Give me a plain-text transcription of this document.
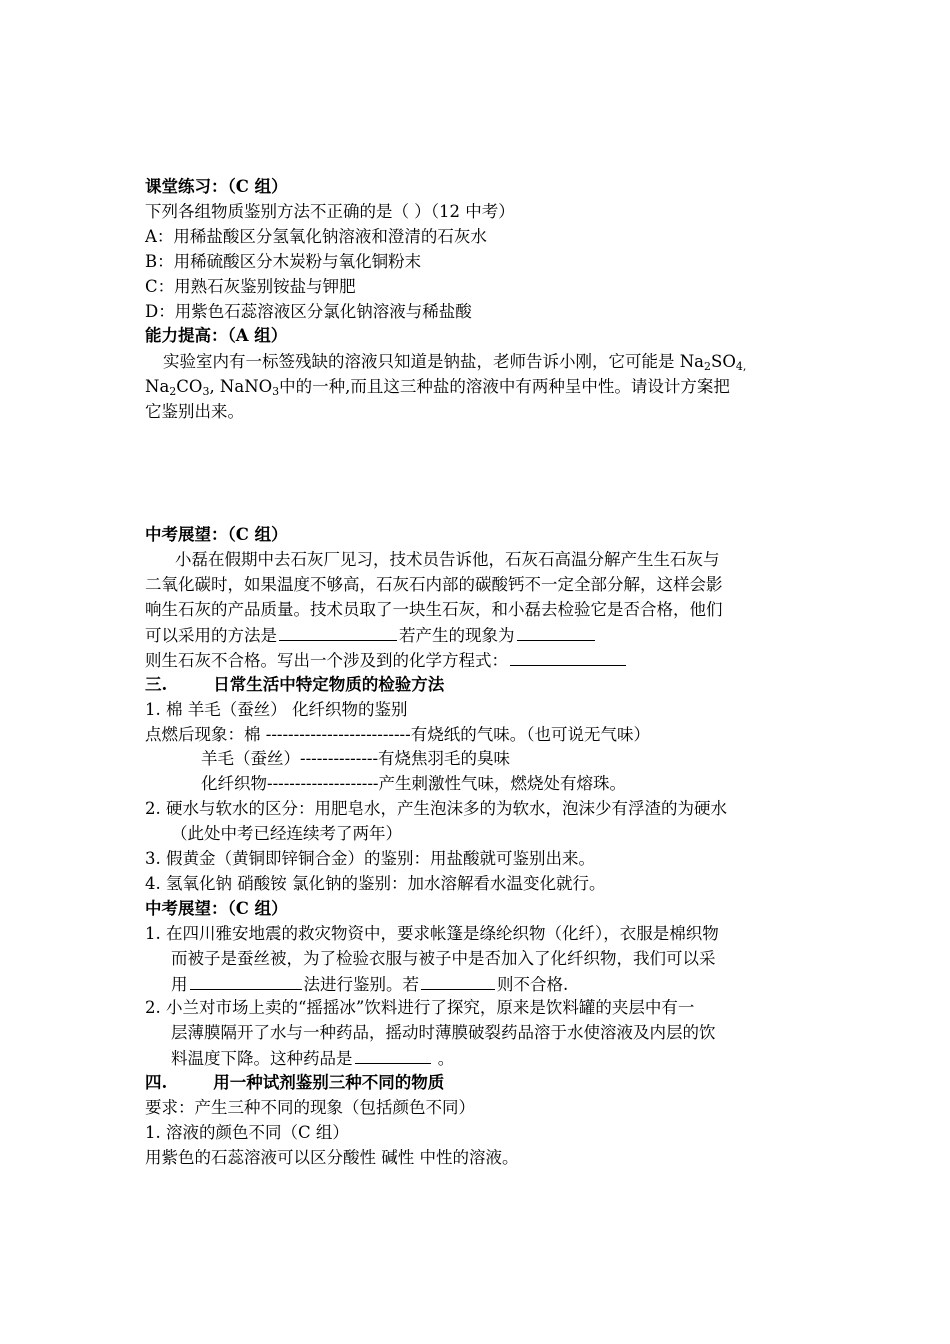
课堂练习：（C 组）
下列各组物质鉴别方法不正确的是（ ）（12 中考）
A：用稀盐酸区分氢氧化钠溶液和澄清的石灰水
B：用稀硫酸区分木炭粉与氧化铜粉末
C：用熟石灰鉴别铵盐与钾肥
D：用紫色石蕊溶液区分氯化钠溶液与稀盐酸
能力提高：（A 组）
实验室内有一标签残缺的溶液只知道是钠盐，老师告诉小刚，它可能是 $Na_2SO_{4,}$
$Na_2CO_3$, NaNO$_3$中的一种,而且这三种盐的溶液中有两种呈中性。请设计方案把
它鉴别出来。
中考展望：（C 组）
小磊在假期中去石灰厂见习，技术员告诉他，石灰石高温分解产生生石灰与
二氧化碳时，如果温度不够高，石灰石内部的碳酸钙不一定全部分解，这样会影
响生石灰的产品质量。技术员取了一块生石灰，和小磊去检验它是否合格，他们
可以采用的方法是	若产生的现象为
则生石灰不合格。写出一个涉及到的化学方程式：
三.	日常生活中特定物质的检验方法
1. 棉 羊毛（蚕丝） 化纤织物的鉴别
点燃后现象：棉 --------------------------有烧纸的气味。（也可说无气味）
羊毛（蚕丝）--------------有烧焦羽毛的臭味
化纤织物--------------------产生刺激性气味，燃烧处有熔珠。
2. 硬水与软水的区分：用肥皂水，产生泡沫多的为软水，泡沫少有浮渣的为硬水
（此处中考已经连续考了两年）
3. 假黄金（黄铜即锌铜合金）的鉴别：用盐酸就可鉴别出来。
4. 氢氧化钠 硝酸铵 氯化钠的鉴别：加水溶解看水温变化就行。
中考展望：（C 组）
1. 在四川雅安地震的救灾物资中，要求帐篷是绦纶织物（化纤），衣服是棉织物
而被子是蚕丝被，为了检验衣服与被子中是否加入了化纤织物，我们可以采
用	法进行鉴别。若	则不合格.
2. 小兰对市场上卖的“摇摇冰”饮料进行了探究，原来是饮料罐的夹层中有一
层薄膜隔开了水与一种药品，摇动时薄膜破裂药品溶于水使溶液及内层的饮
料温度下降。这种药品是	。
四.	用一种试剂鉴别三种不同的物质
要求：产生三种不同的现象（包括颜色不同）
1. 溶液的颜色不同（C 组）
用紫色的石蕊溶液可以区分酸性 碱性 中性的溶液。
